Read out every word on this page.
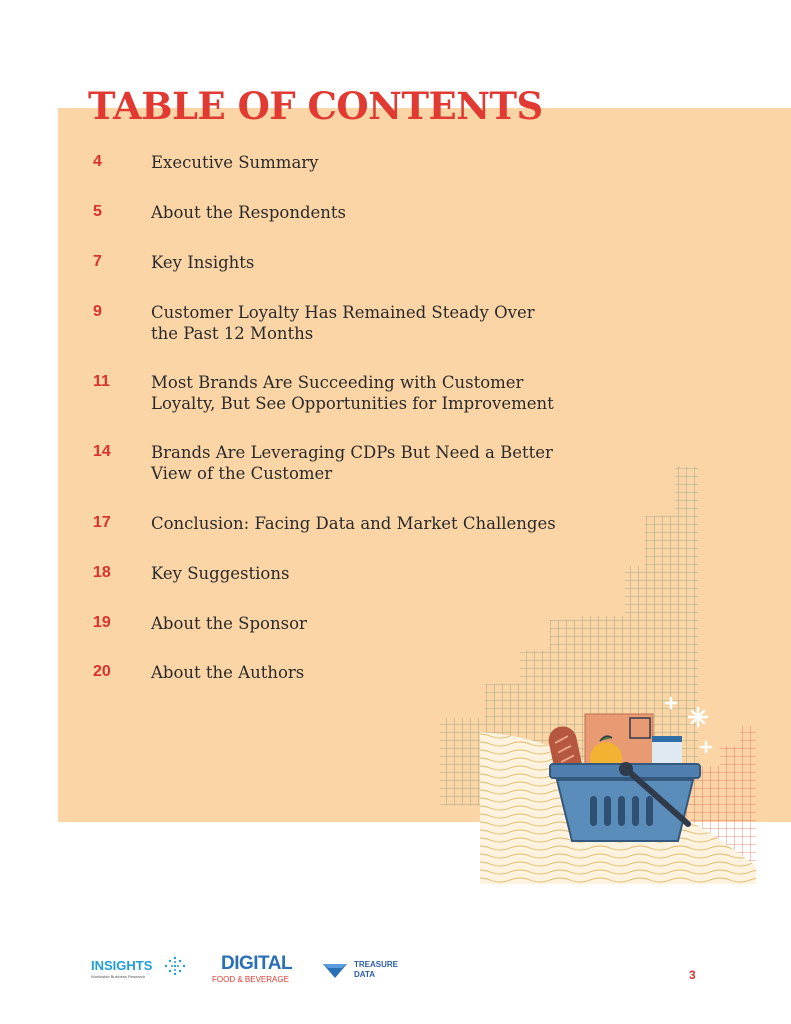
TABLE OF CONTENTS
4	Executive Summary
5	About the Respondents
7	Key Insights
9	Customer Loyalty Has Remained Steady Over
the Past 12 Months
11 Most Brands Are Succeeding with Customer
Loyalty, But See Opportunities for Improvement
14 Brands Are Leveraging CDPs But Need a Better
View of the Customer
17 Conclusion: Facing Data and Market Challenges
18 Key Suggestions
19 About the Sponsor
20 About the Authors
INSIGHTS
Worldwide Business Research
DIGITAL
FOOD & BEVERAGE
TREASURE
DATA	3
